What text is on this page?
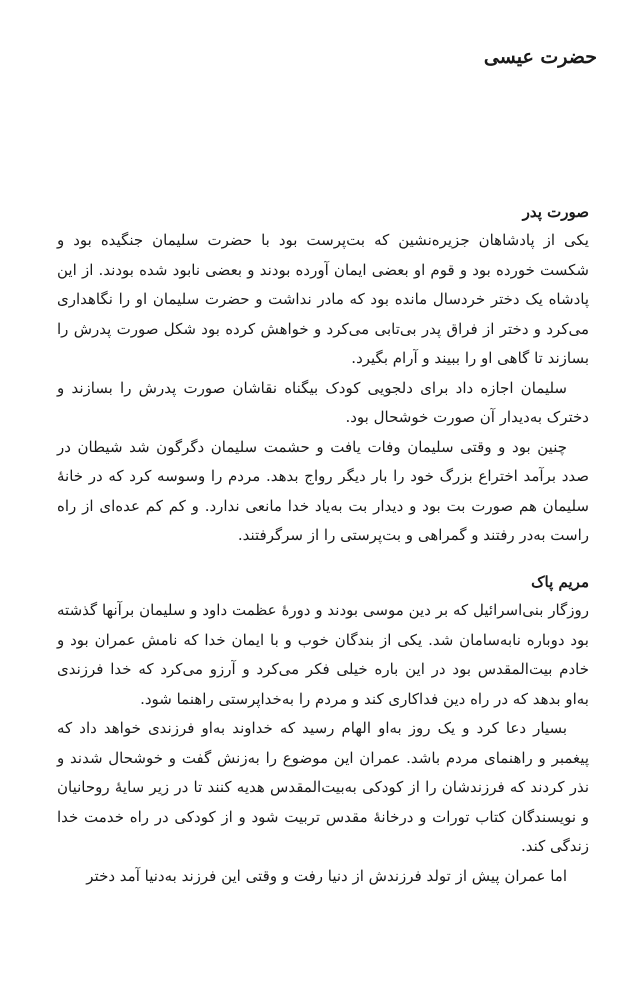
حضرت عیسی
صورت پدر

یکی از پادشاهان جزیره‌نشین که بت‌پرست بود با حضرت سلیمان جنگیده بود و شکست خورده بود و قوم او بعضی ایمان آورده بودند و بعضی نابود شده بودند. از این پادشاه یک دختر خردسال مانده بود که مادر نداشت و حضرت سلیمان او را نگاهداری می‌کرد و دختر از فراق پدر بی‌تابی می‌کرد و خواهش کرده بود شکل صورت پدرش را بسازند تا گاهی او را ببیند و آرام بگیرد.

سلیمان اجازه داد برای دلجویی کودک بیگناه نقاشان صورت پدرش را بسازند و دخترک به‌دیدار آن صورت خوشحال بود.

چنین بود و وقتی سلیمان وفات یافت و حشمت سلیمان دگرگون شد شیطان در صدد برآمد اختراع بزرگ خود را بار دیگر رواج بدهد. مردم را وسوسه کرد که در خانهٔ سلیمان هم صورت بت بود و دیدار بت به‌یاد خدا مانعی ندارد. و کم کم عده‌ای از راه راست به‌در رفتند و گمراهی و بت‌پرستی را از سرگرفتند.

مریم پاک

روزگار بنی‌اسرائیل که بر دین موسی بودند و دورهٔ عظمت داود و سلیمان برآنها گذشته بود دوباره نابه‌سامان شد. یکی از بندگان خوب و با ایمان خدا که نامش عمران بود و خادم بیت‌المقدس بود در این باره خیلی فکر می‌کرد و آرزو می‌کرد که خدا فرزندی به‌او بدهد که در راه دین فداکاری کند و مردم را به‌خداپرستی راهنما شود.

بسیار دعا کرد و یک روز به‌او الهام رسید که خداوند به‌او فرزندی خواهد داد که پیغمبر و راهنمای مردم باشد. عمران این موضوع را به‌زنش گفت و خوشحال شدند و نذر کردند که فرزندشان را از کودکی به‌بیت‌المقدس هدیه کنند تا در زیر سایهٔ روحانیان و نویسندگان کتاب تورات و درخانهٔ مقدس تربیت شود و از کودکی در راه خدمت خدا زندگی کند.

اما عمران پیش از تولد فرزندش از دنیا رفت و وقتی این فرزند به‌دنیا آمد دختر
